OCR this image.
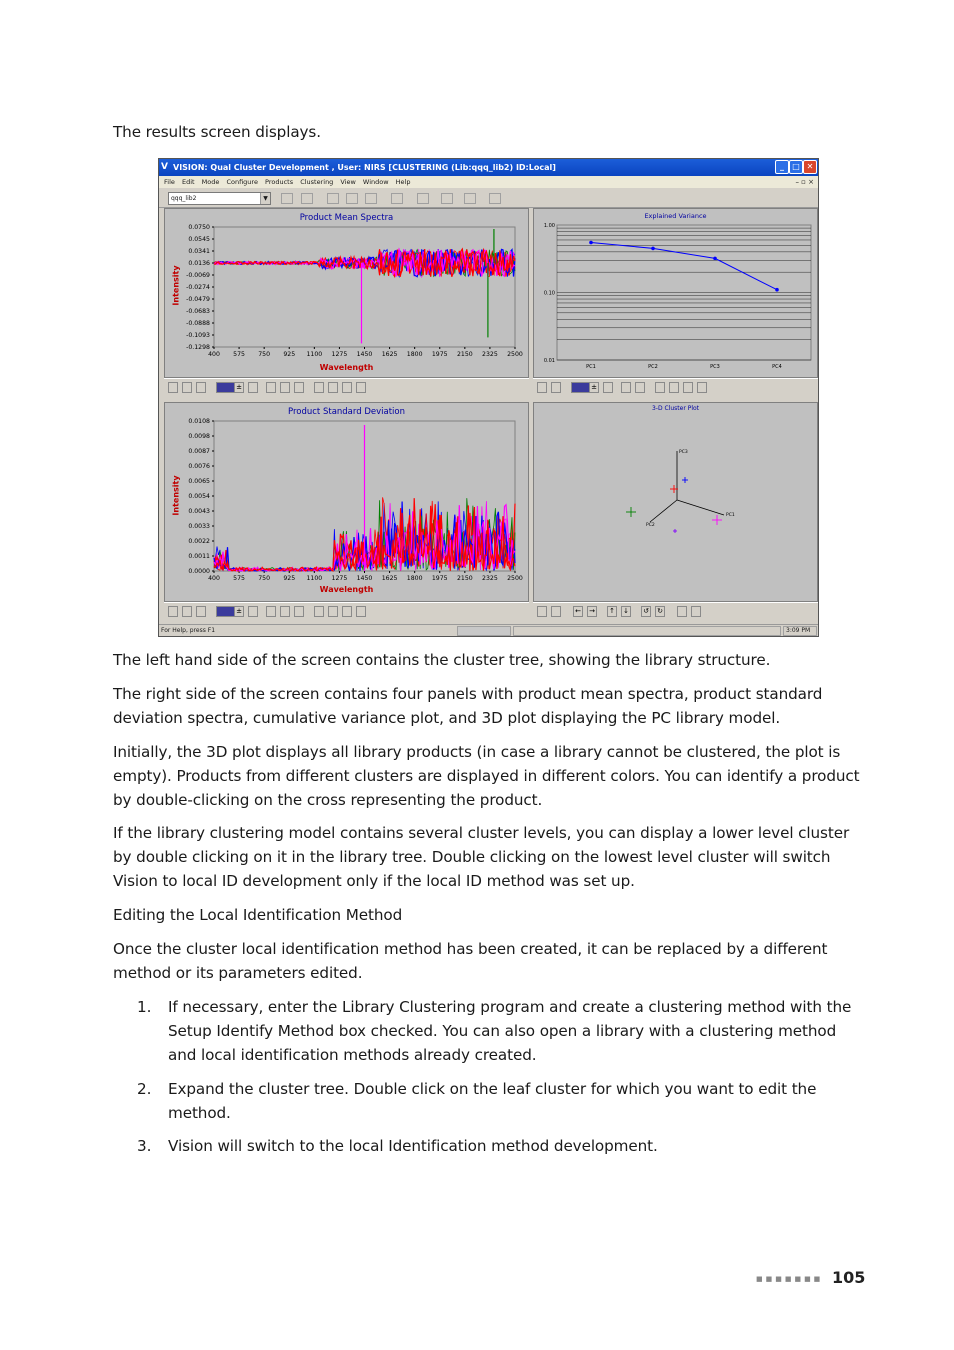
The results screen displays.
V VISION: Qual Cluster Development , User: NIRS [CLUSTERING (Lib:qqq_lib2) ID:Local]	_	□ ✕
File Edit Mode Configure Products Clustering View Window Help	– ▫ ×
qqq_lib2	▼
Product Mean Spectra
0.0750
0.0545
0.0341
0.0136
-0.0069
-0.0274
-0.0479
-0.0683
-0.0888
-0.1093
-0.1298
400 575 750 925 1100 1275 1450 1625 1800 1975 2150 2325 2500
Intensity
Wavelength
±
Explained Variance
1.00
0.10
0.01
PC1	PC2	PC3	PC4
±
Product Standard Deviation
0.0108
0.0098
0.0087
0.0076
0.0065
0.0054
0.0043
0.0033
0.0022
0.0011
0.0000
400 575 750 925 1100 1275 1450 1625 1800 1975 2150 2325 2500
Intensity
Wavelength
±
3-D Cluster Plot
PC3
PC1
PC2
← → ↑ ↓ ↺ ↻
For Help, press F1	3:09 PM
The left hand side of the screen contains the cluster tree, showing the library structure.
The right side of the screen contains four panels with product mean spectra, product standard deviation spectra, cumulative variance plot, and 3D plot displaying the PC library model.
Initially, the 3D plot displays all library products (in case a library cannot be clustered, the plot is empty). Products from different clusters are displayed in different colors. You can identify a product by double-clicking on the cross representing the product.
If the library clustering model contains several cluster levels, you can display a lower level cluster by double clicking on it in the library tree. Double clicking on the lowest level cluster will switch Vision to local ID development only if the local ID method was set up.
Editing the Local Identification Method
Once the cluster local identification method has been created, it can be replaced by a different method or its parameters edited.
1. If necessary, enter the Library Clustering program and create a clustering method with the Setup Identify Method box checked. You can also open a library with a clustering method and local identification methods already created.
2. Expand the cluster tree. Double click on the leaf cluster for which you want to edit the method.
3. Vision will switch to the local Identification method development.
■■■■■■■ 105
